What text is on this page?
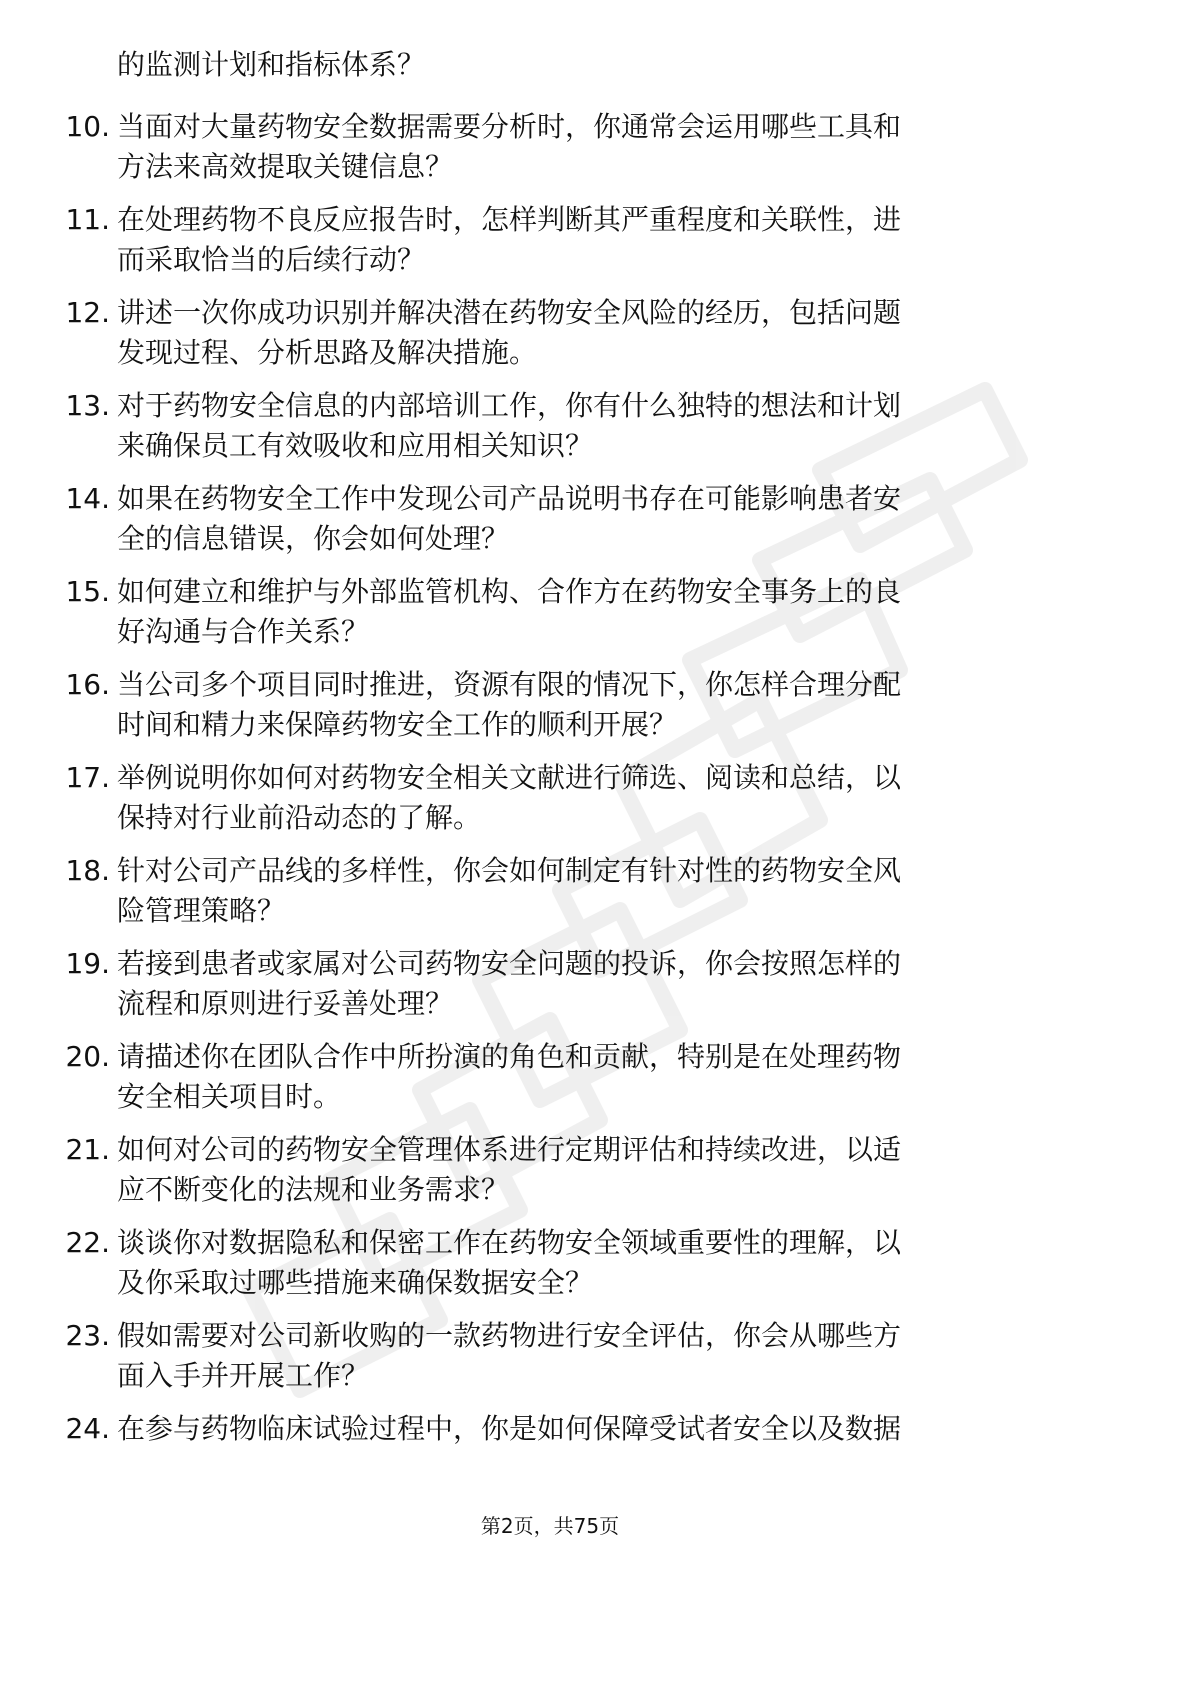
的监测计划和指标体系？

10. 当面对大量药物安全数据需要分析时，你通常会运用哪些工具和
方法来高效提取关键信息？
11. 在处理药物不良反应报告时，怎样判断其严重程度和关联性，进
而采取恰当的后续行动？
12. 讲述一次你成功识别并解决潜在药物安全风险的经历，包括问题
发现过程、分析思路及解决措施。
13. 对于药物安全信息的内部培训工作，你有什么独特的想法和计划
来确保员工有效吸收和应用相关知识？
14. 如果在药物安全工作中发现公司产品说明书存在可能影响患者安
全的信息错误，你会如何处理？
15. 如何建立和维护与外部监管机构、合作方在药物安全事务上的良
好沟通与合作关系？
16. 当公司多个项目同时推进，资源有限的情况下，你怎样合理分配
时间和精力来保障药物安全工作的顺利开展？
17. 举例说明你如何对药物安全相关文献进行筛选、阅读和总结，以
保持对行业前沿动态的了解。
18. 针对公司产品线的多样性，你会如何制定有针对性的药物安全风
险管理策略？
19. 若接到患者或家属对公司药物安全问题的投诉，你会按照怎样的
流程和原则进行妥善处理？
20. 请描述你在团队合作中所扮演的角色和贡献，特别是在处理药物
安全相关项目时。
21. 如何对公司的药物安全管理体系进行定期评估和持续改进，以适
应不断变化的法规和业务需求？
22. 谈谈你对数据隐私和保密工作在药物安全领域重要性的理解，以
及你采取过哪些措施来确保数据安全？
23. 假如需要对公司新收购的一款药物进行安全评估，你会从哪些方
面入手并开展工作？
24. 在参与药物临床试验过程中，你是如何保障受试者安全以及数据
第2页，共75页
